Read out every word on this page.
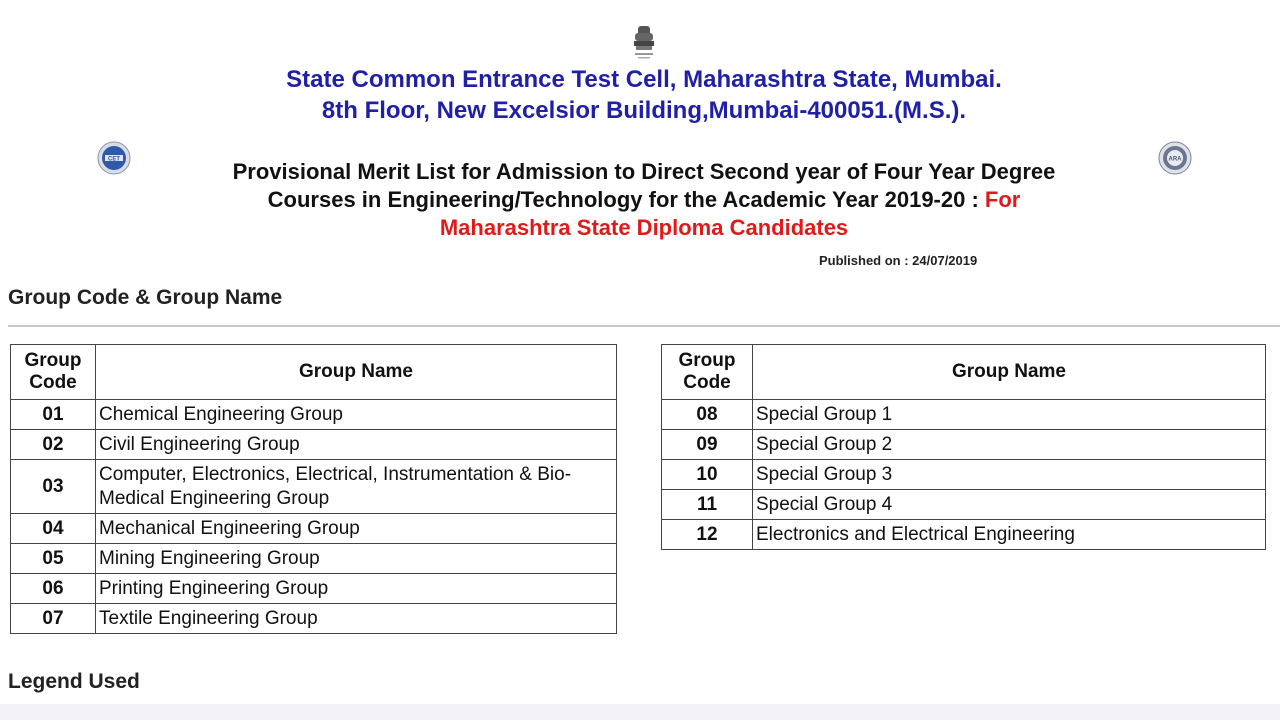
CET	ARA
State Common Entrance Test Cell, Maharashtra State, Mumbai.
8th Floor, New Excelsior Building,Mumbai-400051.(M.S.).
Provisional Merit List for Admission to Direct Second year of Four Year Degree Courses in Engineering/Technology for the Academic Year 2019-20 : For Maharashtra State Diploma Candidates
Published on : 24/07/2019
Group Code & Group Name
Group Code	Group Name
01	Chemical Engineering Group
02	Civil Engineering Group
03	Computer, Electronics, Electrical, Instrumentation & Bio-Medical Engineering Group
04	Mechanical Engineering Group
05	Mining Engineering Group
06	Printing Engineering Group
07	Textile Engineering Group
Group Code	Group Name
08	Special Group 1
09	Special Group 2
10	Special Group 3
11	Special Group 4
12	Electronics and Electrical Engineering
Legend Used
